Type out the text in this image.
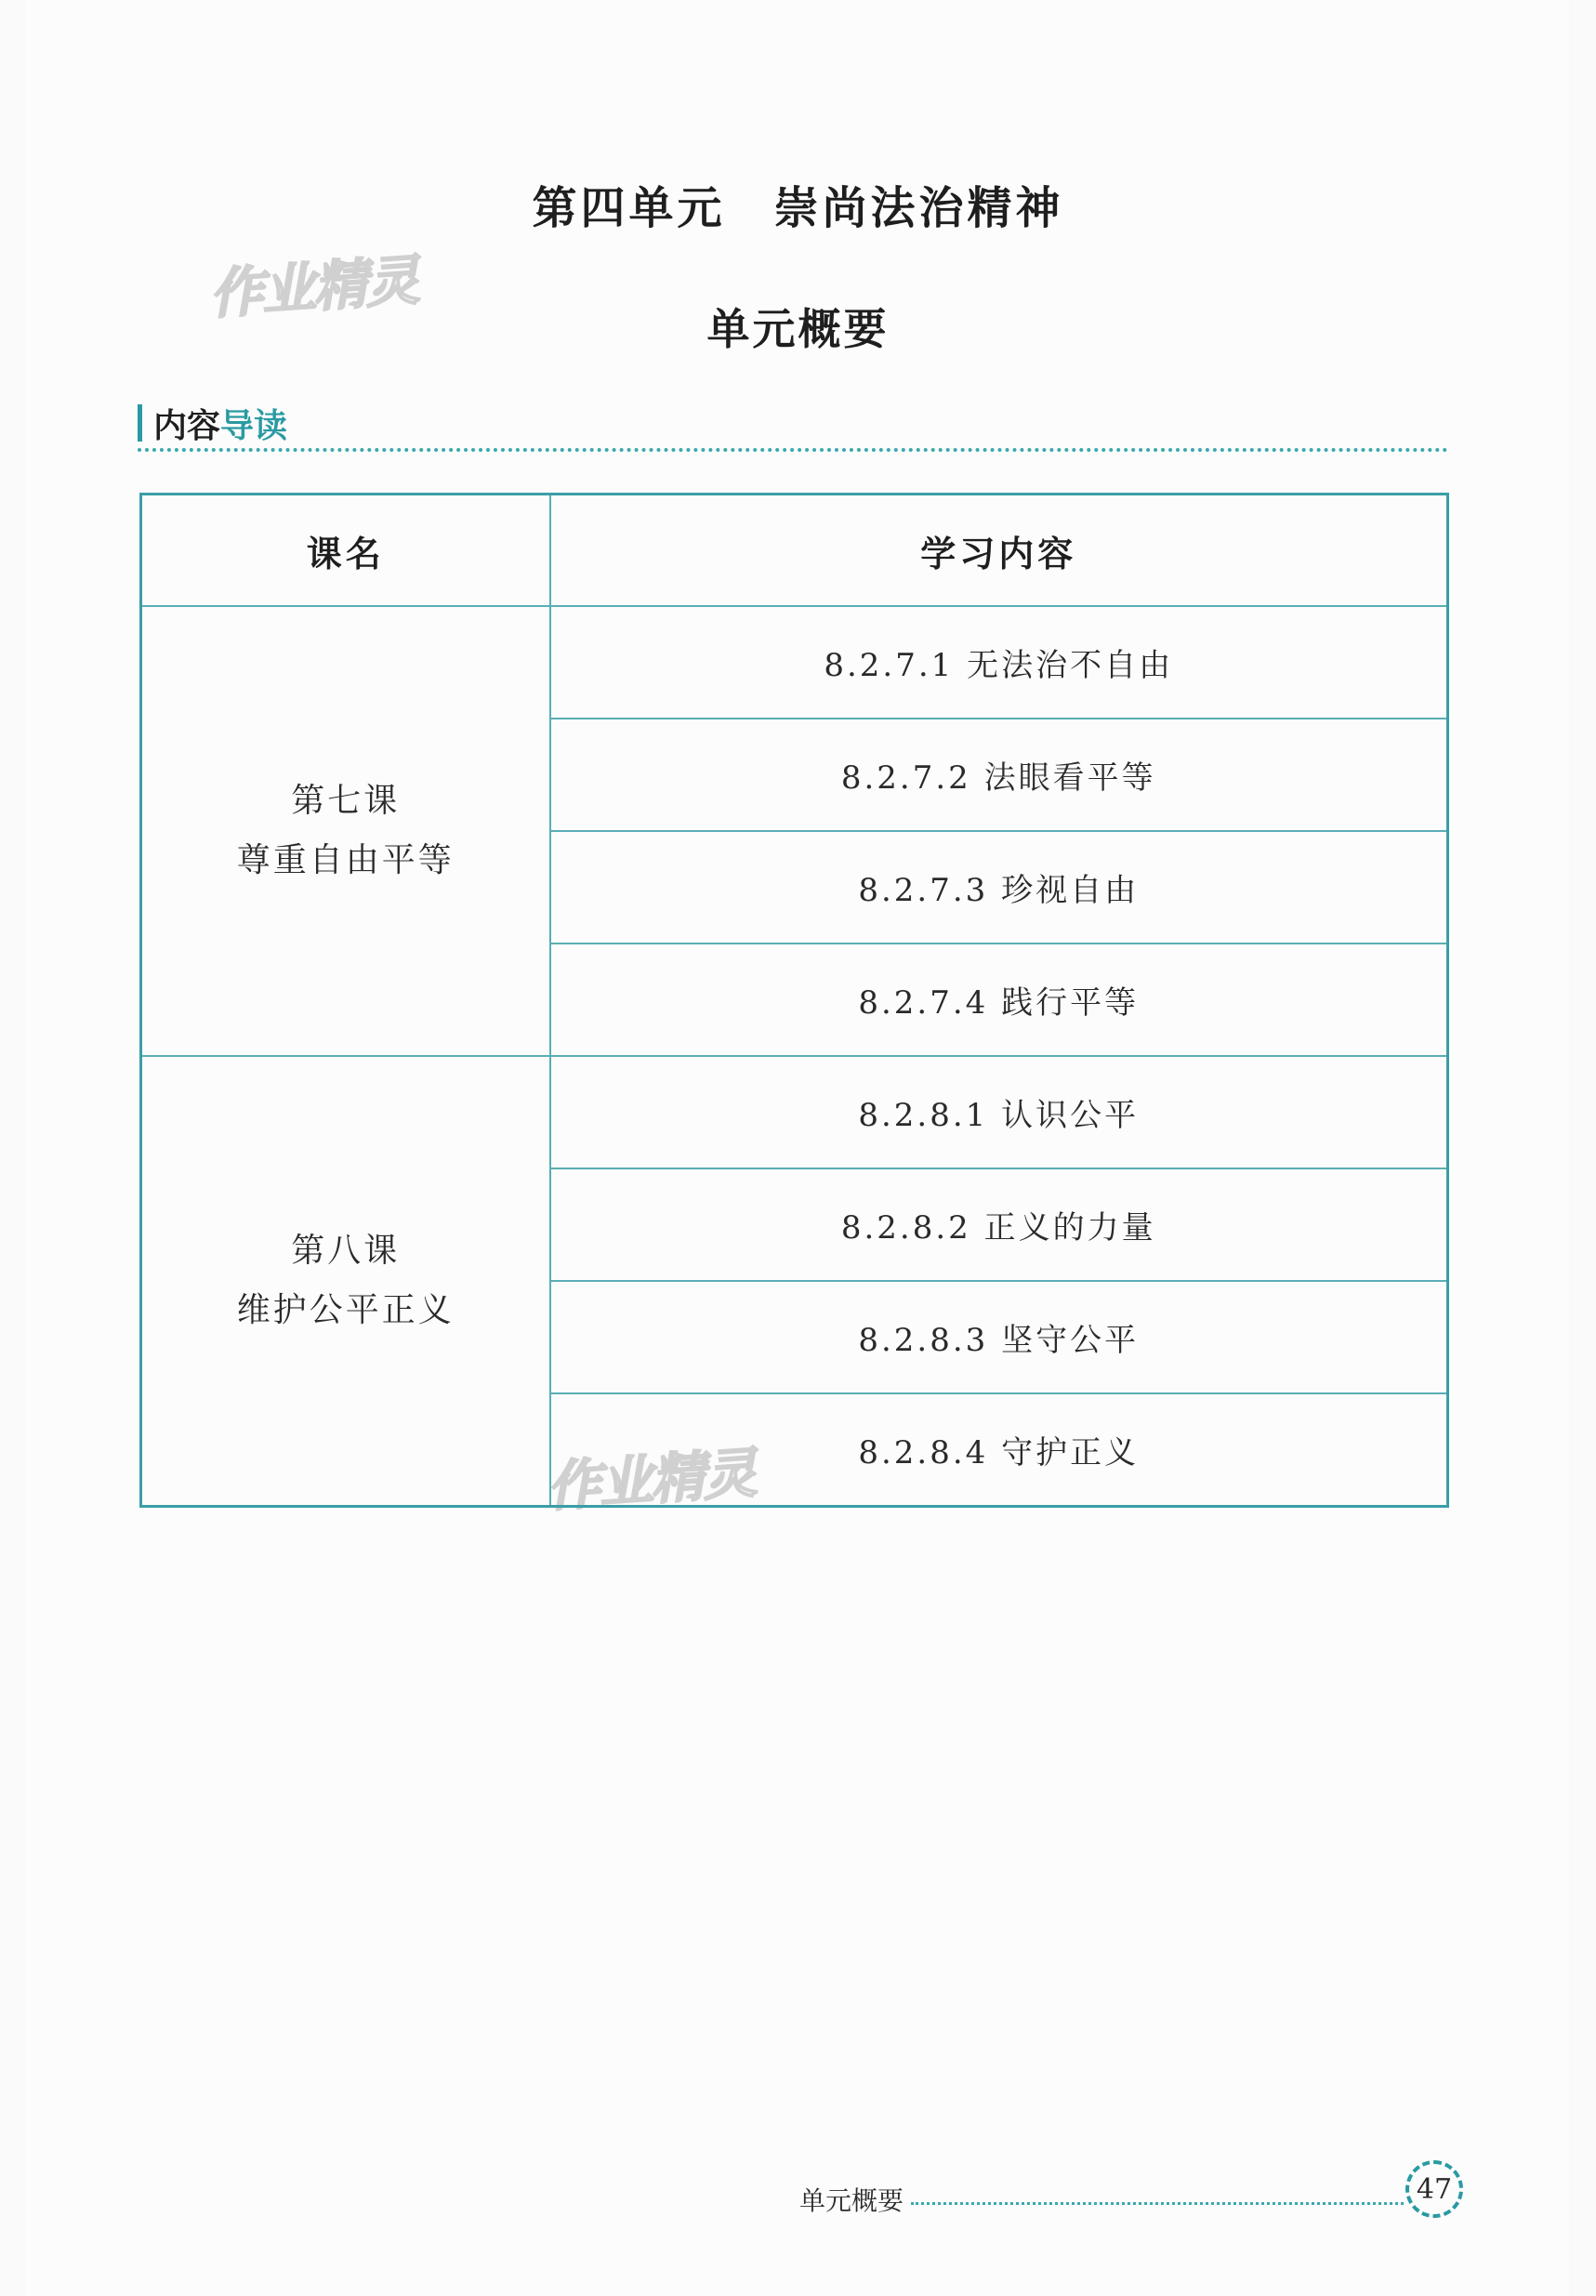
第四单元　崇尚法治精神
单元概要
作业精灵
作业精灵
内容导读
课名	学习内容

第七课
尊重自由平等	8.2.7.1 无法治不自由
	8.2.7.2 法眼看平等
	8.2.7.3 珍视自由
	8.2.7.4 践行平等

第八课
维护公平正义	8.2.8.1 认识公平
	8.2.8.2 正义的力量
	8.2.8.3 坚守公平
	8.2.8.4 守护正义
单元概要	47
